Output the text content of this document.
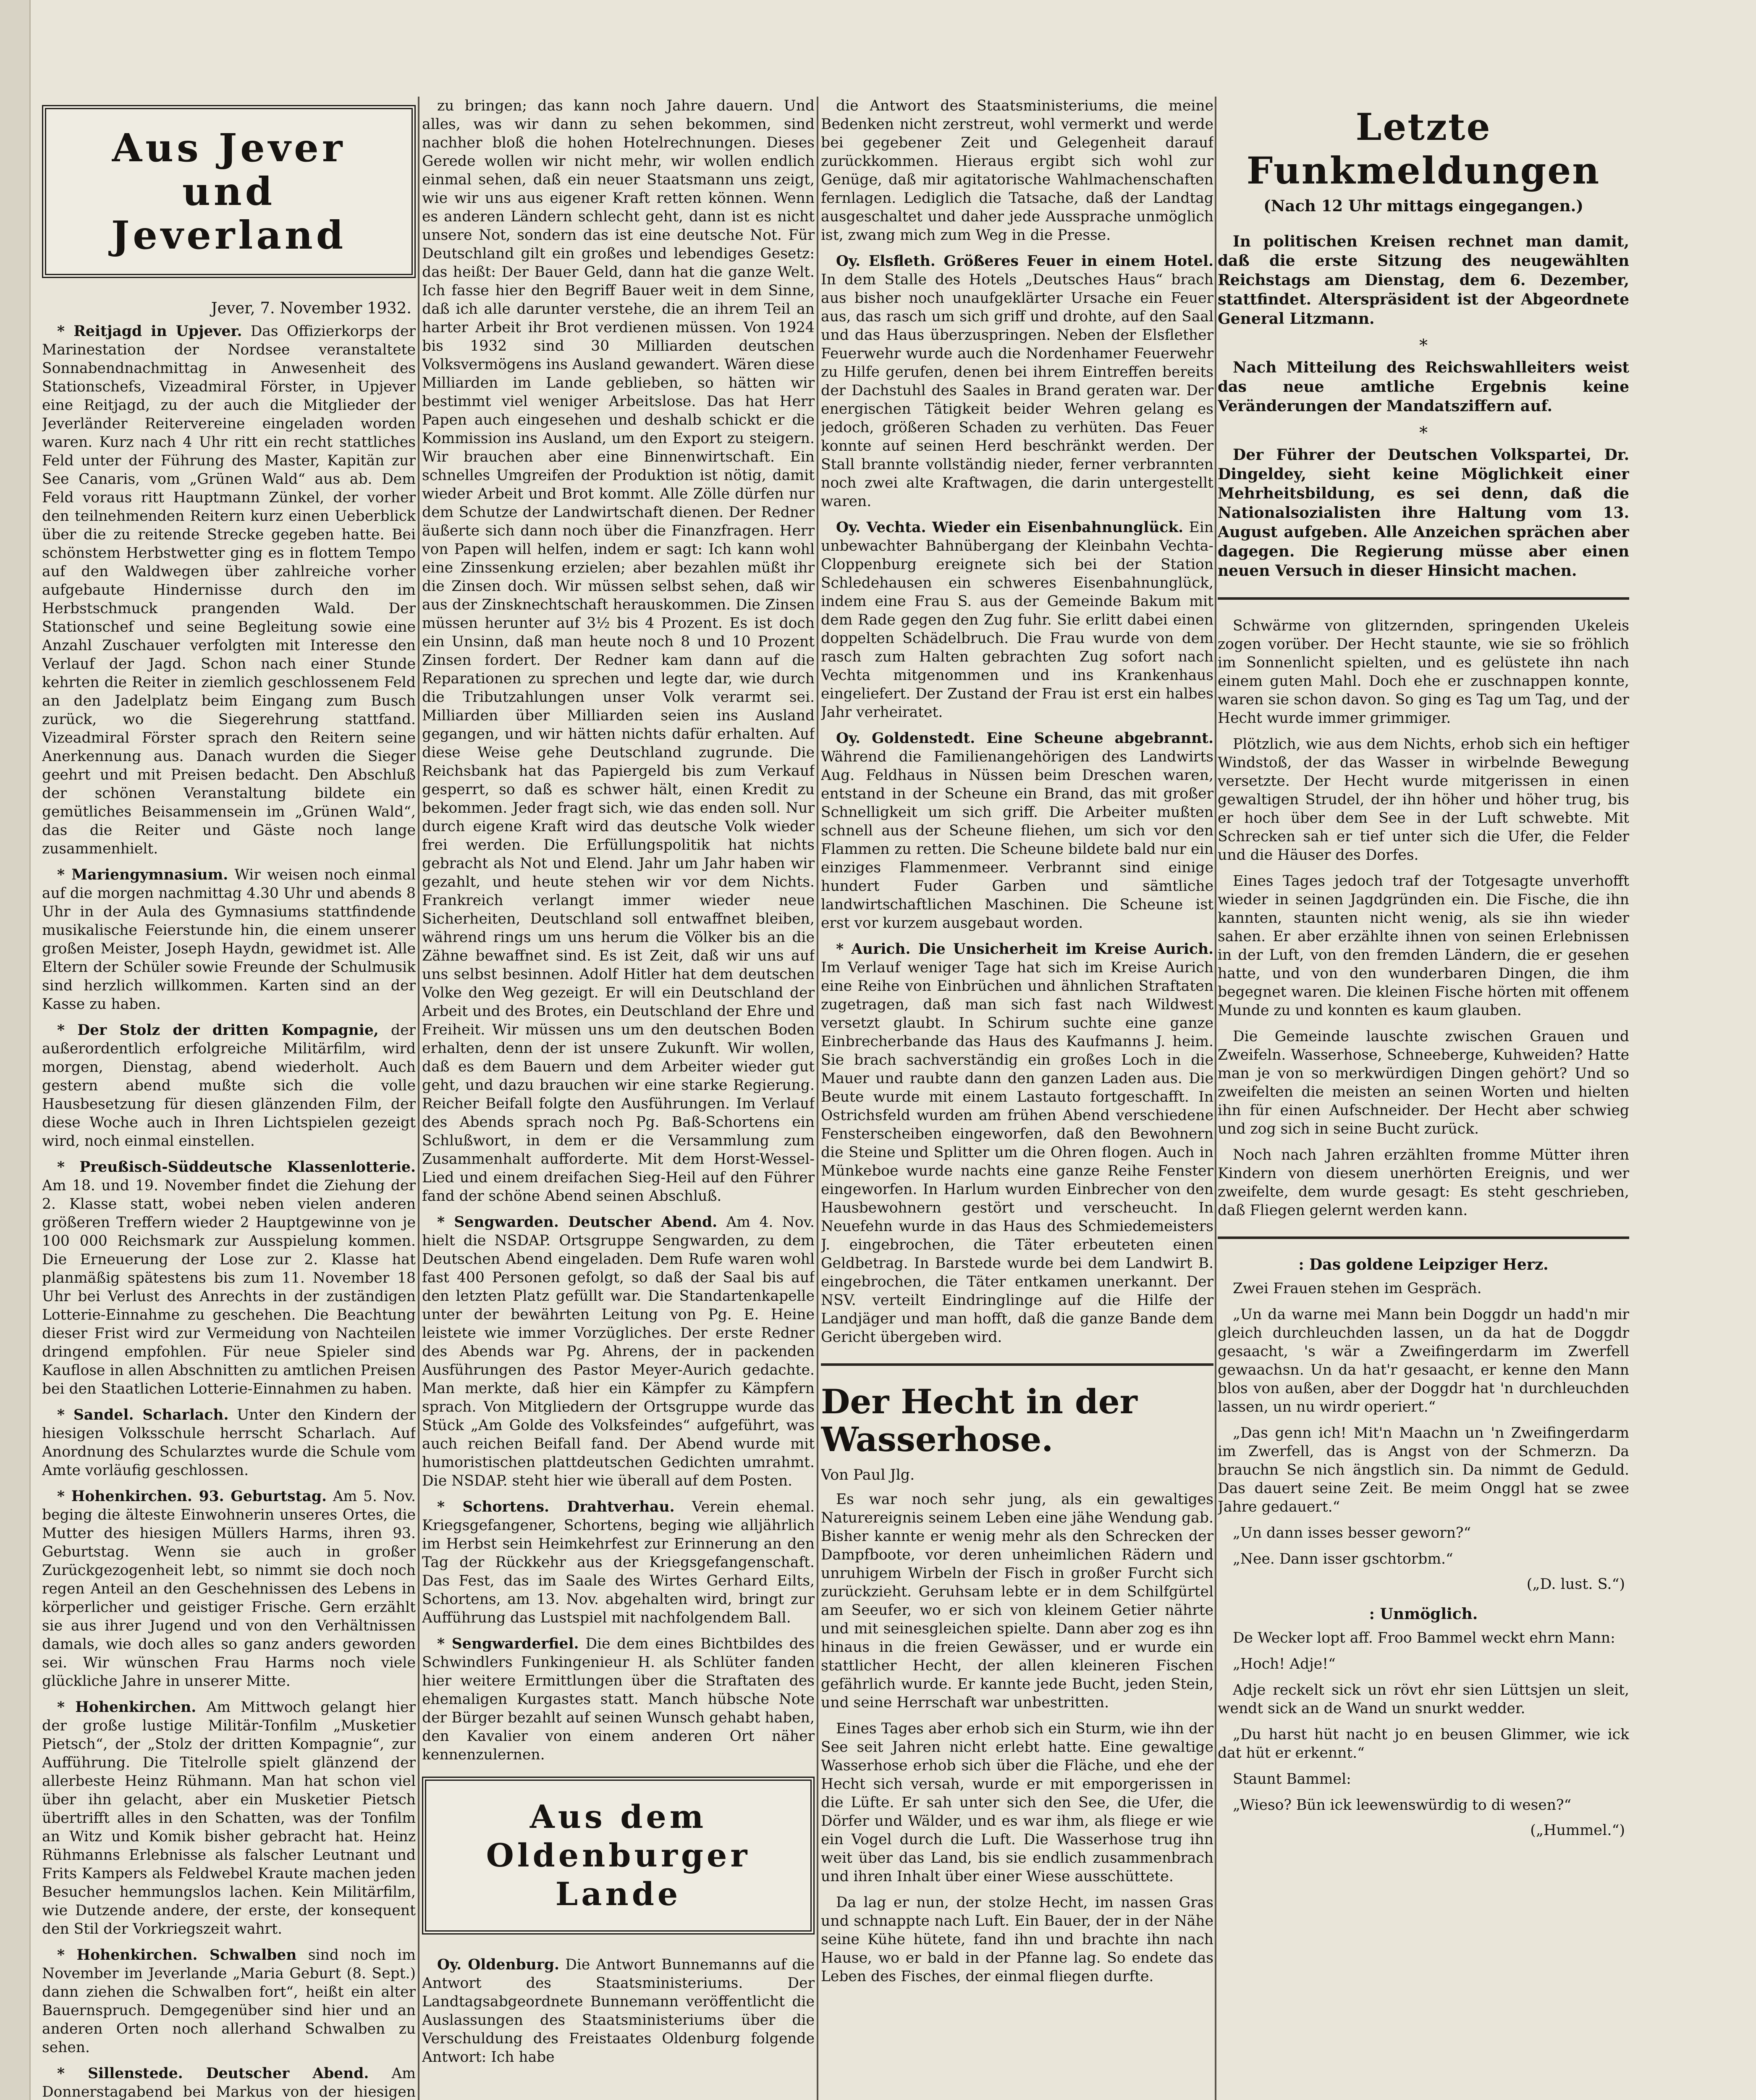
Aus Jever
und Jeverland
Jever, 7. November 1932.

* Reitjagd in Upjever. Das Offizierkorps der Marinestation der Nordsee veranstaltete Sonnabendnachmittag in Anwesenheit des Stationschefs, Vizeadmiral Förster, in Upjever eine Reitjagd, zu der auch die Mitglieder der Jeverländer Reitervereine eingeladen worden waren. Kurz nach 4 Uhr ritt ein recht stattliches Feld unter der Führung des Master, Kapitän zur See Canaris, vom „Grünen Wald“ aus ab. Dem Feld voraus ritt Hauptmann Zünkel, der vorher den teilnehmenden Reitern kurz einen Ueberblick über die zu reitende Strecke gegeben hatte. Bei schönstem Herbstwetter ging es in flottem Tempo auf den Waldwegen über zahlreiche vorher aufgebaute Hindernisse durch den im Herbstschmuck prangenden Wald. Der Stationschef und seine Begleitung sowie eine Anzahl Zuschauer verfolgten mit Interesse den Verlauf der Jagd. Schon nach einer Stunde kehrten die Reiter in ziemlich geschlossenem Feld an den Jadelplatz beim Eingang zum Busch zurück, wo die Siegerehrung stattfand. Vizeadmiral Förster sprach den Reitern seine Anerkennung aus. Danach wurden die Sieger geehrt und mit Preisen bedacht. Den Abschluß der schönen Veranstaltung bildete ein gemütliches Beisammensein im „Grünen Wald“, das die Reiter und Gäste noch lange zusammenhielt.

* Mariengymnasium. Wir weisen noch einmal auf die morgen nachmittag 4.30 Uhr und abends 8 Uhr in der Aula des Gymnasiums stattfindende musikalische Feierstunde hin, die einem unserer großen Meister, Joseph Haydn, gewidmet ist. Alle Eltern der Schüler sowie Freunde der Schulmusik sind herzlich willkommen. Karten sind an der Kasse zu haben.

* Der Stolz der dritten Kompagnie, der außerordentlich erfolgreiche Militärfilm, wird morgen, Dienstag, abend wiederholt. Auch gestern abend mußte sich die volle Hausbesetzung für diesen glänzenden Film, der diese Woche auch in Ihren Lichtspielen gezeigt wird, noch einmal einstellen.

* Preußisch-Süddeutsche Klassenlotterie. Am 18. und 19. November findet die Ziehung der 2. Klasse statt, wobei neben vielen anderen größeren Treffern wieder 2 Hauptgewinne von je 100 000 Reichsmark zur Ausspielung kommen. Die Erneuerung der Lose zur 2. Klasse hat planmäßig spätestens bis zum 11. November 18 Uhr bei Verlust des Anrechts in der zuständigen Lotterie-Einnahme zu geschehen. Die Beachtung dieser Frist wird zur Vermeidung von Nachteilen dringend empfohlen. Für neue Spieler sind Kauflose in allen Abschnitten zu amtlichen Preisen bei den Staatlichen Lotterie-Einnahmen zu haben.

* Sandel. Scharlach. Unter den Kindern der hiesigen Volksschule herrscht Scharlach. Auf Anordnung des Schularztes wurde die Schule vom Amte vorläufig geschlossen.

* Hohenkirchen. 93. Geburtstag. Am 5. Nov. beging die älteste Einwohnerin unseres Ortes, die Mutter des hiesigen Müllers Harms, ihren 93. Geburtstag. Wenn sie auch in großer Zurückgezogenheit lebt, so nimmt sie doch noch regen Anteil an den Geschehnissen des Lebens in körperlicher und geistiger Frische. Gern erzählt sie aus ihrer Jugend und von den Verhältnissen damals, wie doch alles so ganz anders geworden sei. Wir wünschen Frau Harms noch viele glückliche Jahre in unserer Mitte.

* Hohenkirchen. Am Mittwoch gelangt hier der große lustige Militär-Tonfilm „Musketier Pietsch“, der „Stolz der dritten Kompagnie“, zur Aufführung. Die Titelrolle spielt glänzend der allerbeste Heinz Rühmann. Man hat schon viel über ihn gelacht, aber ein Musketier Pietsch übertrifft alles in den Schatten, was der Tonfilm an Witz und Komik bisher gebracht hat. Heinz Rühmanns Erlebnisse als falscher Leutnant und Frits Kampers als Feldwebel Kraute machen jeden Besucher hemmungslos lachen. Kein Militärfilm, wie Dutzende andere, der erste, der konsequent den Stil der Vorkriegszeit wahrt.

* Hohenkirchen. Schwalben sind noch im November im Jeverlande „Maria Geburt (8. Sept.) dann ziehen die Schwalben fort“, heißt ein alter Bauernspruch. Demgegenüber sind hier und an anderen Orten noch allerhand Schwalben zu sehen.

* Sillenstede. Deutscher Abend. Am Donnerstagabend bei Markus von der hiesigen

zu bringen; das kann noch Jahre dauern. Und alles, was wir dann zu sehen bekommen, sind nachher bloß die hohen Hotelrechnungen. Dieses Gerede wollen wir nicht mehr, wir wollen endlich einmal sehen, daß ein neuer Staatsmann uns zeigt, wie wir uns aus eigener Kraft retten können. Wenn es anderen Ländern schlecht geht, dann ist es nicht unsere Not, sondern das ist eine deutsche Not. Für Deutschland gilt ein großes und lebendiges Gesetz: das heißt: Der Bauer Geld, dann hat die ganze Welt. Ich fasse hier den Begriff Bauer weit in dem Sinne, daß ich alle darunter verstehe, die an ihrem Teil an harter Arbeit ihr Brot verdienen müssen. Von 1924 bis 1932 sind 30 Milliarden deutschen Volksvermögens ins Ausland gewandert. Wären diese Milliarden im Lande geblieben, so hätten wir bestimmt viel weniger Arbeitslose. Das hat Herr Papen auch eingesehen und deshalb schickt er die Kommission ins Ausland, um den Export zu steigern. Wir brauchen aber eine Binnenwirtschaft. Ein schnelles Umgreifen der Produktion ist nötig, damit wieder Arbeit und Brot kommt. Alle Zölle dürfen nur dem Schutze der Landwirtschaft dienen. Der Redner äußerte sich dann noch über die Finanzfragen. Herr von Papen will helfen, indem er sagt: Ich kann wohl eine Zinssenkung erzielen; aber bezahlen müßt ihr die Zinsen doch. Wir müssen selbst sehen, daß wir aus der Zinsknechtschaft herauskommen. Die Zinsen müssen herunter auf 3½ bis 4 Prozent. Es ist doch ein Unsinn, daß man heute noch 8 und 10 Prozent Zinsen fordert. Der Redner kam dann auf die Reparationen zu sprechen und legte dar, wie durch die Tributzahlungen unser Volk verarmt sei. Milliarden über Milliarden seien ins Ausland gegangen, und wir hätten nichts dafür erhalten. Auf diese Weise gehe Deutschland zugrunde. Die Reichsbank hat das Papiergeld bis zum Verkauf gesperrt, so daß es schwer hält, einen Kredit zu bekommen. Jeder fragt sich, wie das enden soll. Nur durch eigene Kraft wird das deutsche Volk wieder frei werden. Die Erfüllungspolitik hat nichts gebracht als Not und Elend. Jahr um Jahr haben wir gezahlt, und heute stehen wir vor dem Nichts. Frankreich verlangt immer wieder neue Sicherheiten, Deutschland soll entwaffnet bleiben, während rings um uns herum die Völker bis an die Zähne bewaffnet sind. Es ist Zeit, daß wir uns auf uns selbst besinnen. Adolf Hitler hat dem deutschen Volke den Weg gezeigt. Er will ein Deutschland der Arbeit und des Brotes, ein Deutschland der Ehre und Freiheit. Wir müssen uns um den deutschen Boden erhalten, denn der ist unsere Zukunft. Wir wollen, daß es dem Bauern und dem Arbeiter wieder gut geht, und dazu brauchen wir eine starke Regierung. Reicher Beifall folgte den Ausführungen. Im Verlauf des Abends sprach noch Pg. Baß-Schortens ein Schlußwort, in dem er die Versammlung zum Zusammenhalt aufforderte. Mit dem Horst-Wessel-Lied und einem dreifachen Sieg-Heil auf den Führer fand der schöne Abend seinen Abschluß.

* Sengwarden. Deutscher Abend. Am 4. Nov. hielt die NSDAP. Ortsgruppe Sengwarden, zu dem Deutschen Abend eingeladen. Dem Rufe waren wohl fast 400 Personen gefolgt, so daß der Saal bis auf den letzten Platz gefüllt war. Die Standartenkapelle unter der bewährten Leitung von Pg. E. Heine leistete wie immer Vorzügliches. Der erste Redner des Abends war Pg. Ahrens, der in packenden Ausführungen des Pastor Meyer-Aurich gedachte. Man merkte, daß hier ein Kämpfer zu Kämpfern sprach. Von Mitgliedern der Ortsgruppe wurde das Stück „Am Golde des Volksfeindes“ aufgeführt, was auch reichen Beifall fand. Der Abend wurde mit humoristischen plattdeutschen Gedichten umrahmt. Die NSDAP. steht hier wie überall auf dem Posten.

* Schortens. Drahtverhau. Verein ehemal. Kriegsgefangener, Schortens, beging wie alljährlich im Herbst sein Heimkehrfest zur Erinnerung an den Tag der Rückkehr aus der Kriegsgefangenschaft. Das Fest, das im Saale des Wirtes Gerhard Eilts, Schortens, am 13. Nov. abgehalten wird, bringt zur Aufführung das Lustspiel mit nachfolgendem Ball.

* Sengwarderfiel. Die dem eines Bichtbildes des Schwindlers Funkingenieur H. als Schlüter fanden hier weitere Ermittlungen über die Straftaten des ehemaligen Kurgastes statt. Manch hübsche Note der Bürger bezahlt auf seinen Wunsch gehabt haben, den Kavalier von einem anderen Ort näher kennenzulernen.

Aus dem Oldenburger
Lande

Oy. Oldenburg. Die Antwort Bunnemanns auf die Antwort des Staatsministeriums. Der Landtagsabgeordnete Bunnemann veröffentlicht die Auslassungen des Staatsministeriums über die Verschuldung des Freistaates Oldenburg folgende Antwort: Ich habe

die Antwort des Staatsministeriums, die meine Bedenken nicht zerstreut, wohl vermerkt und werde bei gegebener Zeit und Gelegenheit darauf zurückkommen. Hieraus ergibt sich wohl zur Genüge, daß mir agitatorische Wahlmachenschaften fernlagen. Lediglich die Tatsache, daß der Landtag ausgeschaltet und daher jede Aussprache unmöglich ist, zwang mich zum Weg in die Presse.

Oy. Elsfleth. Größeres Feuer in einem Hotel. In dem Stalle des Hotels „Deutsches Haus“ brach aus bisher noch unaufgeklärter Ursache ein Feuer aus, das rasch um sich griff und drohte, auf den Saal und das Haus überzuspringen. Neben der Elsflether Feuerwehr wurde auch die Nordenhamer Feuerwehr zu Hilfe gerufen, denen bei ihrem Eintreffen bereits der Dachstuhl des Saales in Brand geraten war. Der energischen Tätigkeit beider Wehren gelang es jedoch, größeren Schaden zu verhüten. Das Feuer konnte auf seinen Herd beschränkt werden. Der Stall brannte vollständig nieder, ferner verbrannten noch zwei alte Kraftwagen, die darin untergestellt waren.

Oy. Vechta. Wieder ein Eisenbahnunglück. Ein unbewachter Bahnübergang der Kleinbahn Vechta-Cloppenburg ereignete sich bei der Station Schledehausen ein schweres Eisenbahnunglück, indem eine Frau S. aus der Gemeinde Bakum mit dem Rade gegen den Zug fuhr. Sie erlitt dabei einen doppelten Schädelbruch. Die Frau wurde von dem rasch zum Halten gebrachten Zug sofort nach Vechta mitgenommen und ins Krankenhaus eingeliefert. Der Zustand der Frau ist erst ein halbes Jahr verheiratet.

Oy. Goldenstedt. Eine Scheune abgebrannt. Während die Familienangehörigen des Landwirts Aug. Feldhaus in Nüssen beim Dreschen waren, entstand in der Scheune ein Brand, das mit großer Schnelligkeit um sich griff. Die Arbeiter mußten schnell aus der Scheune fliehen, um sich vor den Flammen zu retten. Die Scheune bildete bald nur ein einziges Flammenmeer. Verbrannt sind einige hundert Fuder Garben und sämtliche landwirtschaftlichen Maschinen. Die Scheune ist erst vor kurzem ausgebaut worden.

* Aurich. Die Unsicherheit im Kreise Aurich. Im Verlauf weniger Tage hat sich im Kreise Aurich eine Reihe von Einbrüchen und ähnlichen Straftaten zugetragen, daß man sich fast nach Wildwest versetzt glaubt. In Schirum suchte eine ganze Einbrecherbande das Haus des Kaufmanns J. heim. Sie brach sachverständig ein großes Loch in die Mauer und raubte dann den ganzen Laden aus. Die Beute wurde mit einem Lastauto fortgeschafft. In Ostrichsfeld wurden am frühen Abend verschiedene Fensterscheiben eingeworfen, daß den Bewohnern die Steine und Splitter um die Ohren flogen. Auch in Münkeboe wurde nachts eine ganze Reihe Fenster eingeworfen. In Harlum wurden Einbrecher von den Hausbewohnern gestört und verscheucht. In Neuefehn wurde in das Haus des Schmiedemeisters J. eingebrochen, die Täter erbeuteten einen Geldbetrag. In Barstede wurde bei dem Landwirt B. eingebrochen, die Täter entkamen unerkannt. Der NSV. verteilt Eindringlinge auf die Hilfe der Landjäger und man hofft, daß die ganze Bande dem Gericht übergeben wird.

Der Hecht in der Wasserhose.
Von Paul Jlg.

Es war noch sehr jung, als ein gewaltiges Naturereignis seinem Leben eine jähe Wendung gab. Bisher kannte er wenig mehr als den Schrecken der Dampfboote, vor deren unheimlichen Rädern und unruhigem Wirbeln der Fisch in großer Furcht sich zurückzieht. Geruhsam lebte er in dem Schilfgürtel am Seeufer, wo er sich von kleinem Getier nährte und mit seinesgleichen spielte. Dann aber zog es ihn hinaus in die freien Gewässer, und er wurde ein stattlicher Hecht, der allen kleineren Fischen gefährlich wurde. Er kannte jede Bucht, jeden Stein, und seine Herrschaft war unbestritten.

Eines Tages aber erhob sich ein Sturm, wie ihn der See seit Jahren nicht erlebt hatte. Eine gewaltige Wasserhose erhob sich über die Fläche, und ehe der Hecht sich versah, wurde er mit emporgerissen in die Lüfte. Er sah unter sich den See, die Ufer, die Dörfer und Wälder, und es war ihm, als fliege er wie ein Vogel durch die Luft. Die Wasserhose trug ihn weit über das Land, bis sie endlich zusammenbrach und ihren Inhalt über einer Wiese ausschüttete.

Da lag er nun, der stolze Hecht, im nassen Gras und schnappte nach Luft. Ein Bauer, der in der Nähe seine Kühe hütete, fand ihn und brachte ihn nach Hause, wo er bald in der Pfanne lag. So endete das Leben des Fisches, der einmal fliegen durfte.

Letzte Funkmeldungen
(Nach 12 Uhr mittags eingegangen.)

In politischen Kreisen rechnet man damit, daß die erste Sitzung des neugewählten Reichstags am Dienstag, dem 6. Dezember, stattfindet. Alterspräsident ist der Abgeordnete General Litzmann.

*

Nach Mitteilung des Reichswahlleiters weist das neue amtliche Ergebnis keine Veränderungen der Mandatsziffern auf.

*

Der Führer der Deutschen Volkspartei, Dr. Dingeldey, sieht keine Möglichkeit einer Mehrheitsbildung, es sei denn, daß die Nationalsozialisten ihre Haltung vom 13. August aufgeben. Alle Anzeichen sprächen aber dagegen. Die Regierung müsse aber einen neuen Versuch in dieser Hinsicht machen.

Schwärme von glitzernden, springenden Ukeleis zogen vorüber. Der Hecht staunte, wie sie so fröhlich im Sonnenlicht spielten, und es gelüstete ihn nach einem guten Mahl. Doch ehe er zuschnappen konnte, waren sie schon davon. So ging es Tag um Tag, und der Hecht wurde immer grimmiger.

Plötzlich, wie aus dem Nichts, erhob sich ein heftiger Windstoß, der das Wasser in wirbelnde Bewegung versetzte. Der Hecht wurde mitgerissen in einen gewaltigen Strudel, der ihn höher und höher trug, bis er hoch über dem See in der Luft schwebte. Mit Schrecken sah er tief unter sich die Ufer, die Felder und die Häuser des Dorfes.

Eines Tages jedoch traf der Totgesagte unverhofft wieder in seinen Jagdgründen ein. Die Fische, die ihn kannten, staunten nicht wenig, als sie ihn wieder sahen. Er aber erzählte ihnen von seinen Erlebnissen in der Luft, von den fremden Ländern, die er gesehen hatte, und von den wunderbaren Dingen, die ihm begegnet waren. Die kleinen Fische hörten mit offenem Munde zu und konnten es kaum glauben.

Die Gemeinde lauschte zwischen Grauen und Zweifeln. Wasserhose, Schneeberge, Kuhweiden? Hatte man je von so merkwürdigen Dingen gehört? Und so zweifelten die meisten an seinen Worten und hielten ihn für einen Aufschneider. Der Hecht aber schwieg und zog sich in seine Bucht zurück.

Noch nach Jahren erzählten fromme Mütter ihren Kindern von diesem unerhörten Ereignis, und wer zweifelte, dem wurde gesagt: Es steht geschrieben, daß Fliegen gelernt werden kann.

: Das goldene Leipziger Herz.

Zwei Frauen stehen im Gespräch.

„Un da warne mei Mann bein Doggdr un hadd'n mir gleich durchleuchden lassen, un da hat de Doggdr gesaacht, 's wär a Zweifingerdarm im Zwerfell gewaachsn. Un da hat'r gesaacht, er kenne den Mann blos von außen, aber der Doggdr hat 'n durchleuchden lassen, un nu wirdr operiert.“

„Das genn ich! Mit'n Maachn un 'n Zweifingerdarm im Zwerfell, das is Angst von der Schmerzn. Da brauchn Se nich ängstlich sin. Da nimmt de Geduld. Das dauert seine Zeit. Be meim Onggl hat se zwee Jahre gedauert.“

„Un dann isses besser geworn?“

„Nee. Dann isser gschtorbm.“

(„D. lust. S.“)
: Unmöglich.

De Wecker lopt aff. Froo Bammel weckt ehrn Mann:

„Hoch! Adje!“

Adje reckelt sick un rövt ehr sien Lüttsjen un sleit, wendt sick an de Wand un snurkt wedder.

„Du harst hüt nacht jo en beusen Glimmer, wie ick dat hüt er erkennt.“

Staunt Bammel:

„Wieso? Bün ick leewenswürdig to di wesen?“

(„Hummel.“)
